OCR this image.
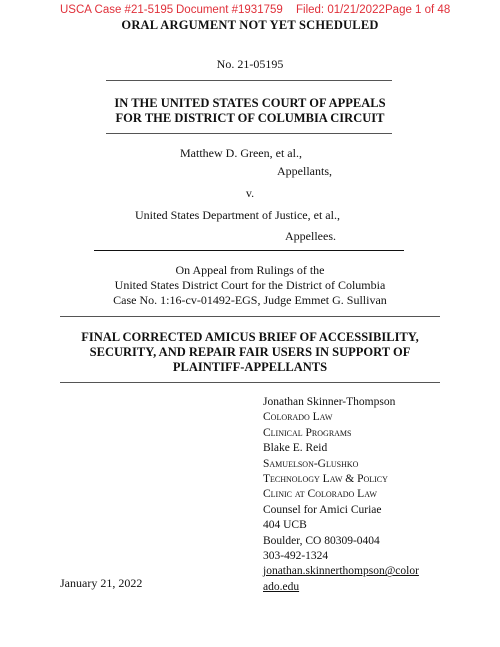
USCA Case #21-5195 Document #1931759 Filed: 01/21/2022 Page 1 of 48
ORAL ARGUMENT NOT YET SCHEDULED
No. 21-05195
IN THE UNITED STATES COURT OF APPEALS
FOR THE DISTRICT OF COLUMBIA CIRCUIT
Matthew D. Green, et al.,
Appellants,
v.
United States Department of Justice, et al.,
Appellees.
On Appeal from Rulings of the
United States District Court for the District of Columbia
Case No. 1:16-cv-01492-EGS, Judge Emmet G. Sullivan
FINAL CORRECTED AMICUS BRIEF OF ACCESSIBILITY,
SECURITY, AND REPAIR FAIR USERS IN SUPPORT OF
PLAINTIFF-APPELLANTS
Jonathan Skinner-Thompson
Colorado Law
Clinical Programs
Blake E. Reid
Samuelson-Glushko
Technology Law & Policy
Clinic at Colorado Law
Counsel for Amici Curiae
404 UCB
Boulder, CO 80309-0404
303-492-1324
jonathan.skinnerthompson@color
ado.edu
January 21, 2022
